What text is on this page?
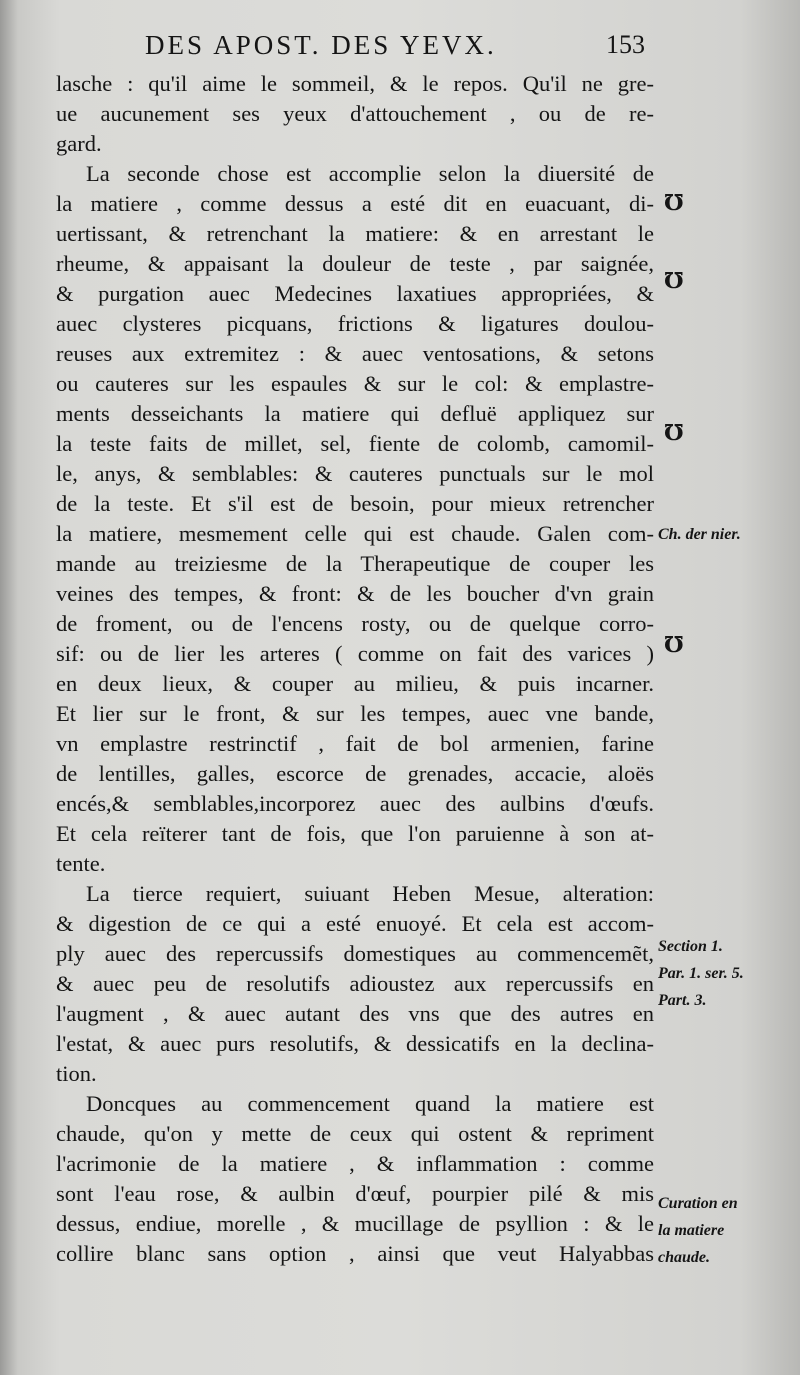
DES APOST. DES YEVX.	153
lasche : qu'il aime le sommeil, & le repos. Qu'il ne gre-
ue aucunement ses yeux d'attouchement , ou de re-
gard.
La seconde chose est accomplie selon la diuersité de
la matiere , comme dessus a esté dit en euacuant, di-
uertissant, & retrenchant la matiere: & en arrestant le
rheume, & appaisant la douleur de teste , par saignée,
& purgation auec Medecines laxatiues appropriées, &
auec clysteres picquans, frictions & ligatures doulou-
reuses aux extremitez : & auec ventosations, & setons
ou cauteres sur les espaules & sur le col: & emplastre-
ments desseichants la matiere qui defluë appliquez sur
la teste faits de millet, sel, fiente de colomb, camomil-
le, anys, & semblables: & cauteres punctuals sur le mol
de la teste. Et s'il est de besoin, pour mieux retrencher
la matiere, mesmement celle qui est chaude. Galen com-
mande au treiziesme de la Therapeutique de couper les
veines des tempes, & front: & de les boucher d'vn grain
de froment, ou de l'encens rosty, ou de quelque corro-
sif: ou de lier les arteres ( comme on fait des varices )
en deux lieux, & couper au milieu, & puis incarner.
Et lier sur le front, & sur les tempes, auec vne bande,
vn emplastre restrinctif , fait de bol armenien, farine
de lentilles, galles, escorce de grenades, accacie, aloës
encés,& semblables,incorporez auec des aulbins d'œufs.
Et cela reïterer tant de fois, que l'on paruienne à son at-
tente.
La tierce requiert, suiuant Heben Mesue, alteration:
& digestion de ce qui a esté enuoyé. Et cela est accom-
ply auec des repercussifs domestiques au commencemẽt,
& auec peu de resolutifs adioustez aux repercussifs en
l'augment , & auec autant des vns que des autres en
l'estat, & auec purs resolutifs, & dessicatifs en la declina-
tion.
Doncques au commencement quand la matiere est
chaude, qu'on y mette de ceux qui ostent & repriment
l'acrimonie de la matiere , & inflammation : comme
sont l'eau rose, & aulbin d'œuf, pourpier pilé & mis
dessus, endiue, morelle , & mucillage de psyllion : & le
collire blanc sans option , ainsi que veut Halyabbas
℧
℧
℧
℧
Ch. der nier.
Section 1.
Par. 1. ser. 5.
Part. 3.
Curation en
la matiere
chaude.
